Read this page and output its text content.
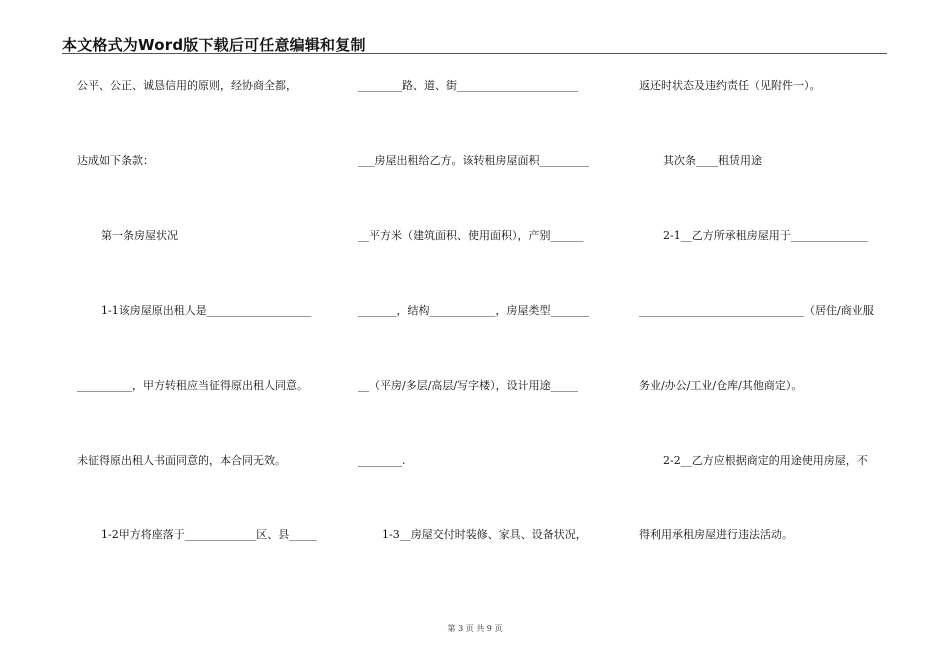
本文格式为Word版下载后可任意编辑和复制
公平、公正、诚恳信用的原则，经协商全都，
达成如下条款：
第一条房屋状况
1-1该房屋原出租人是___________________
__________，甲方转租应当征得原出租人同意。
未征得原出租人书面同意的，本合同无效。
1-2甲方将座落于_____________区、县_____
________路、道、街______________________
___房屋出租给乙方。该转租房屋面积_________
__平方米（建筑面积、使用面积），产别______
_______，结构____________，房屋类型_______
__（平房/多层/高层/写字楼），设计用途_____
________.
1-3__房屋交付时装修、家具、设备状况，
返还时状态及违约责任（见附件一）。
其次条____租赁用途
2-1__乙方所承租房屋用于______________
______________________________（居住/商业服
务业/办公/工业/仓库/其他商定）。
2-2__乙方应根据商定的用途使用房屋，不
得利用承租房屋进行违法活动。
第 3 页 共 9 页
